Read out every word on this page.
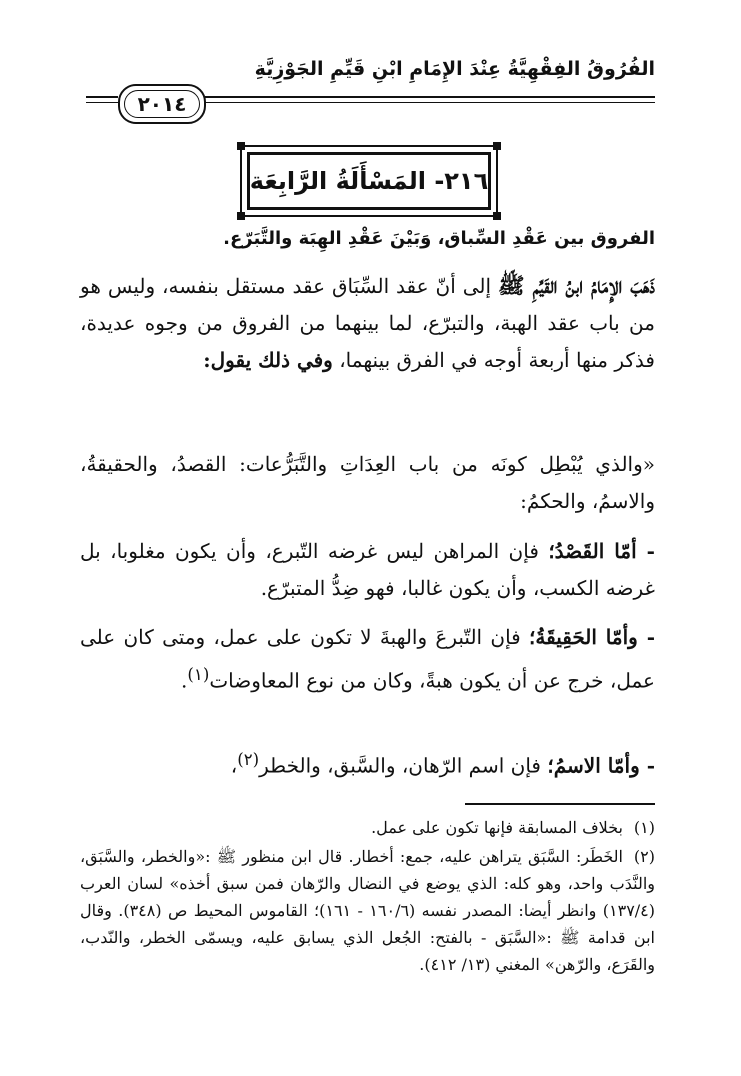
الفُرُوقُ الفِقْهِيَّةُ عِنْدَ الإِمَامِ ابْنِ قَيِّمِ الجَوْزِيَّةِ
٢٠١٤
٢١٦- المَسْأَلَةُ الرَّابِعَة
الفروق بين عَقْدِ السِّباق، وَبَيْنَ عَقْدِ الهِبَة والتَّبَرّع.
ذَهَبَ الإِمَامُ ابنُ القَيِّمِ ﷺ إلى أنّ عقد السِّبَاق عقد مستقل بنفسه، وليس هو من باب عقد الهبة، والتبرّع، لما بينهما من الفروق من وجوه عديدة، فذكر منها أربعة أوجه في الفرق بينهما، وفي ذلك يقول:
«والذي يُبْطِل كونَه من باب العِدَاتِ والتَّبَرُّعات: القصدُ، والحقيقةُ، والاسمُ، والحكمُ:
- أمّا القَصْدُ؛ فإن المراهن ليس غرضه التّبرع، وأن يكون مغلوبا، بل غرضه الكسب، وأن يكون غالبا، فهو ضِدُّ المتبرّع.
- وأمّا الحَقِيقَةُ؛ فإن التّبرعَ والهبةَ لا تكون على عمل، ومتى كان على عمل، خرج عن أن يكون هبةً، وكان من نوع المعاوضات$^{(١)}$.
- وأمّا الاسمُ؛ فإن اسم الرّهان، والسَّبق، والخطر$^{(٢)}$،
(١)بخلاف المسابقة فإنها تكون على عمل.
(٢)الخَطَر: السَّبَق يتراهن عليه، جمع: أخطار. قال ابن منظور ﷺ :«والخطر، والسَّبَق، والنَّدَب واحد، وهو كله: الذي يوضع في النضال والرّهان فمن سبق أخذه» لسان العرب (١٣٧/٤) وانظر أيضا: المصدر نفسه (١٦٠/٦ - ١٦١)؛ القاموس المحيط ص (٣٤٨). وقال ابن قدامة ﷺ :«السَّبَق - بالفتح: الجُعل الذي يسابق عليه، ويسمّى الخطر، والنّدب، والقَرَع، والرّهن» المغني (١٣/ ٤١٢).
